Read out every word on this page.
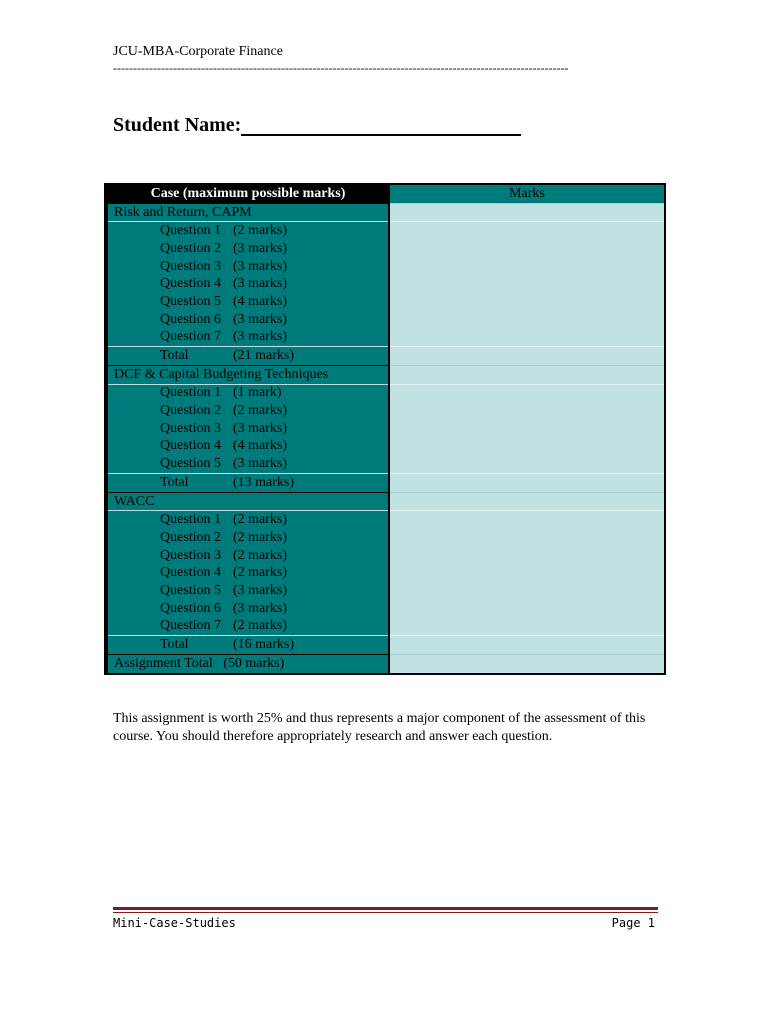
JCU-MBA-Corporate Finance
------------------------------------------------------------------------------------------------------------------
Student Name:
Case (maximum possible marks)	Marks
Risk and Return, CAPM	
Question 1 (2 marks)	
Question 2 (3 marks)	
Question 3 (3 marks)	
Question 4 (3 marks)	
Question 5 (4 marks)	
Question 6 (3 marks)	
Question 7 (3 marks)	
Total (21 marks)	
DCF & Capital Budgeting Techniques	
Question 1 (1 mark)	
Question 2 (2 marks)	
Question 3 (3 marks)	
Question 4 (4 marks)	
Question 5 (3 marks)	
Total (13 marks)	
WACC	
Question 1 (2 marks)	
Question 2 (2 marks)	
Question 3 (2 marks)	
Question 4 (2 marks)	
Question 5 (3 marks)	
Question 6 (3 marks)	
Question 7 (2 marks)	
Total (16 marks)	
Assignment Total (50 marks)	
This assignment is worth 25% and thus represents a major component of the assessment of this course. You should therefore appropriately research and answer each question.
Mini-Case-Studies	Page 1
